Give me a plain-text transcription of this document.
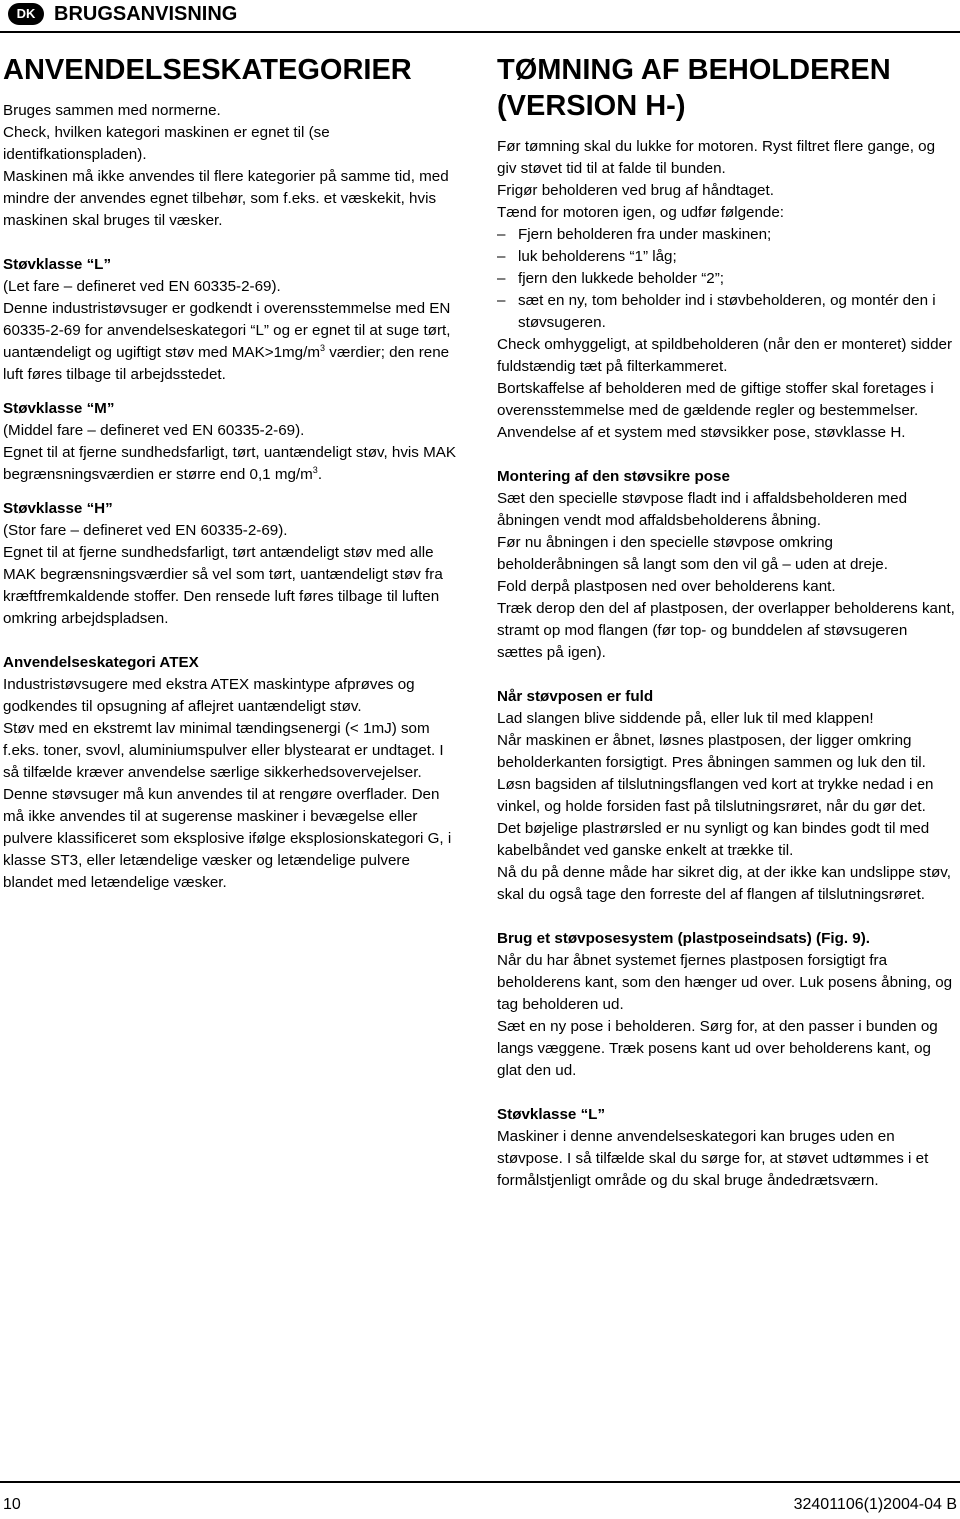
DK BRUGSANVISNING
ANVENDELSESKATEGORIER

Bruges sammen med normerne.

Check, hvilken kategori maskinen er egnet til (se identifkationspladen).

Maskinen må ikke anvendes til flere kategorier på samme tid, med mindre der anvendes egnet tilbehør, som f.eks. et væskekit, hvis maskinen skal bruges til væsker.

Støvklasse “L”

(Let fare – defineret ved EN 60335-2-69).

Denne industristøvsuger er godkendt i overensstemmelse med EN 60335-2-69 for anvendelseskategori “L” og er egnet til at suge tørt, uantændeligt og ugiftigt støv med $MAK>1mg/m^3$ værdier; den rene luft føres tilbage til arbejdsstedet.

Støvklasse “M”

(Middel fare – defineret ved EN 60335-2-69).

Egnet til at fjerne sundhedsfarligt, tørt, uantændeligt støv, hvis MAK begrænsningsværdien er større end 0,1 $mg/m^3$.

Støvklasse “H”

(Stor fare – defineret ved EN 60335-2-69).

Egnet til at fjerne sundhedsfarligt, tørt antændeligt støv med alle MAK begrænsningsværdier så vel som tørt, uantændeligt støv fra kræftfremkaldende stoffer. Den rensede luft føres tilbage til luften omkring arbejdspladsen.

Anvendelseskategori ATEX

Industristøvsugere med ekstra ATEX maskintype afprøves og godkendes til opsugning af aflejret uantændeligt støv.

Støv med en ekstremt lav minimal tændingsenergi (< 1mJ) som f.eks. toner, svovl, aluminiumspulver eller blystearat er undtaget. I så tilfælde kræver anvendelse særlige sikkerhedsovervejelser.

Denne støvsuger må kun anvendes til at rengøre overflader. Den må ikke anvendes til at sugerense maskiner i bevægelse eller pulvere klassificeret som eksplosive ifølge eksplosionskategori G, i klasse ST3, eller letændelige væsker og letændelige pulvere blandet med letændelige væsker.

TØMNING AF BEHOLDEREN (VERSION H-)

Før tømning skal du lukke for motoren. Ryst filtret flere gange, og giv støvet tid til at falde til bunden.

Frigør beholderen ved brug af håndtaget.

Tænd for motoren igen, og udfør følgende:

– Fjern beholderen fra under maskinen;
– luk beholderens “1” låg;
– fjern den lukkede beholder “2”;
– sæt en ny, tom beholder ind i støvbeholderen, og montér den i støvsugeren.

Check omhyggeligt, at spildbeholderen (når den er monteret) sidder fuldstændig tæt på filterkammeret.

Bortskaffelse af beholderen med de giftige stoffer skal foretages i overensstemmelse med de gældende regler og bestemmelser. Anvendelse af et system med støvsikker pose, støvklasse H.

Montering af den støvsikre pose

Sæt den specielle støvpose fladt ind i affaldsbeholderen med åbningen vendt mod affaldsbeholderens åbning.

Før nu åbningen i den specielle støvpose omkring beholderåbningen så langt som den vil gå – uden at dreje.

Fold derpå plastposen ned over beholderens kant.

Træk derop den del af plastposen, der overlapper beholderens kant, stramt op mod flangen (før top- og bunddelen af støvsugeren sættes på igen).

Når støvposen er fuld

Lad slangen blive siddende på, eller luk til med klappen!

Når maskinen er åbnet, løsnes plastposen, der ligger omkring beholderkanten forsigtigt. Pres åbningen sammen og luk den til.

Løsn bagsiden af tilslutningsflangen ved kort at trykke nedad i en vinkel, og holde forsiden fast på tilslutningsrøret, når du gør det.

Det bøjelige plastrørsled er nu synligt og kan bindes godt til med kabelbåndet ved ganske enkelt at trække til.

Nå du på denne måde har sikret dig, at der ikke kan undslippe støv, skal du også tage den forreste del af flangen af tilslutningsrøret.

Brug et støvposesystem (plastposeindsats) (Fig. 9).

Når du har åbnet systemet fjernes plastposen forsigtigt fra beholderens kant, som den hænger ud over. Luk posens åbning, og tag beholderen ud.

Sæt en ny pose i beholderen. Sørg for, at den passer i bunden og langs væggene. Træk posens kant ud over beholderens kant, og glat den ud.

Støvklasse “L”

Maskiner i denne anvendelseskategori kan bruges uden en støvpose. I så tilfælde skal du sørge for, at støvet udtømmes i et formålstjenligt område og du skal bruge åndedrætsværn.

10	32401106(1)2004-04 B
